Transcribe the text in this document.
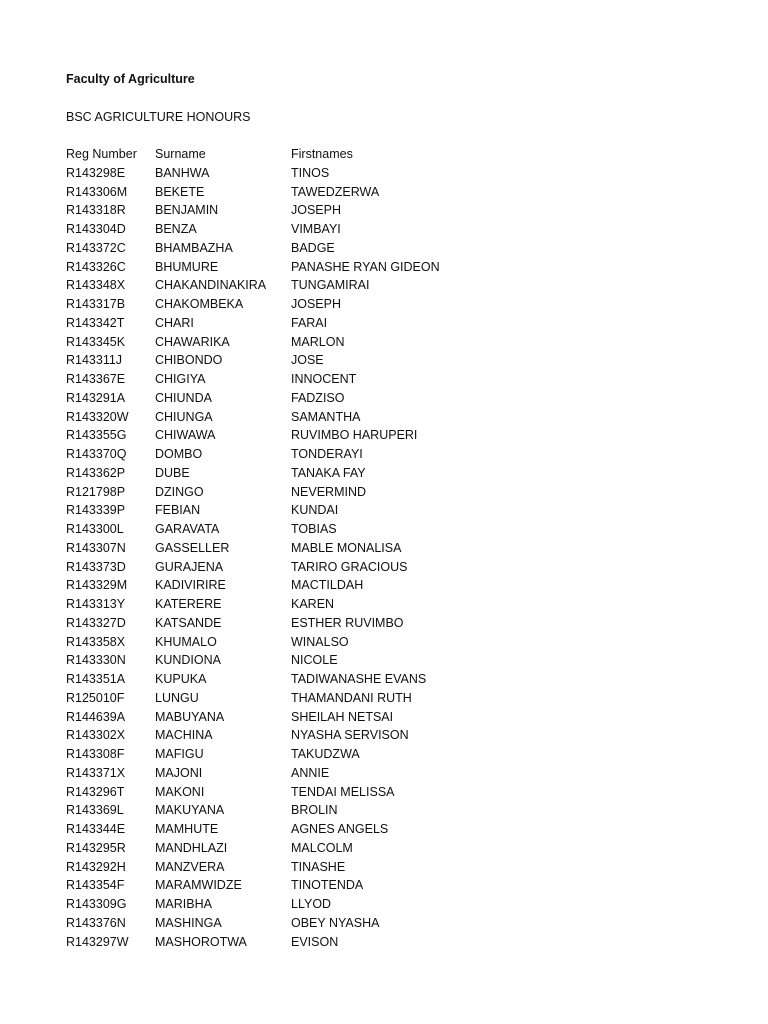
Faculty of Agriculture
BSC AGRICULTURE HONOURS
Reg Number	Surname	Firstnames
R143298E	BANHWA	TINOS
R143306M	BEKETE	TAWEDZERWA
R143318R	BENJAMIN	JOSEPH
R143304D	BENZA	VIMBAYI
R143372C	BHAMBAZHA	BADGE
R143326C	BHUMURE	PANASHE RYAN GIDEON
R143348X	CHAKANDINAKIRA	TUNGAMIRAI
R143317B	CHAKOMBEKA	JOSEPH
R143342T	CHARI	FARAI
R143345K	CHAWARIKA	MARLON
R143311J	CHIBONDO	JOSE
R143367E	CHIGIYA	INNOCENT
R143291A	CHIUNDA	FADZISO
R143320W	CHIUNGA	SAMANTHA
R143355G	CHIWAWA	RUVIMBO HARUPERI
R143370Q	DOMBO	TONDERAYI
R143362P	DUBE	TANAKA FAY
R121798P	DZINGO	NEVERMIND
R143339P	FEBIAN	KUNDAI
R143300L	GARAVATA	TOBIAS
R143307N	GASSELLER	MABLE MONALISA
R143373D	GURAJENA	TARIRO GRACIOUS
R143329M	KADIVIRIRE	MACTILDAH
R143313Y	KATERERE	KAREN
R143327D	KATSANDE	ESTHER RUVIMBO
R143358X	KHUMALO	WINALSO
R143330N	KUNDIONA	NICOLE
R143351A	KUPUKA	TADIWANASHE EVANS
R125010F	LUNGU	THAMANDANI RUTH
R144639A	MABUYANA	SHEILAH NETSAI
R143302X	MACHINA	NYASHA SERVISON
R143308F	MAFIGU	TAKUDZWA
R143371X	MAJONI	ANNIE
R143296T	MAKONI	TENDAI MELISSA
R143369L	MAKUYANA	BROLIN
R143344E	MAMHUTE	AGNES ANGELS
R143295R	MANDHLAZI	MALCOLM
R143292H	MANZVERA	TINASHE
R143354F	MARAMWIDZE	TINOTENDA
R143309G	MARIBHA	LLYOD
R143376N	MASHINGA	OBEY NYASHA
R143297W	MASHOROTWA	EVISON
